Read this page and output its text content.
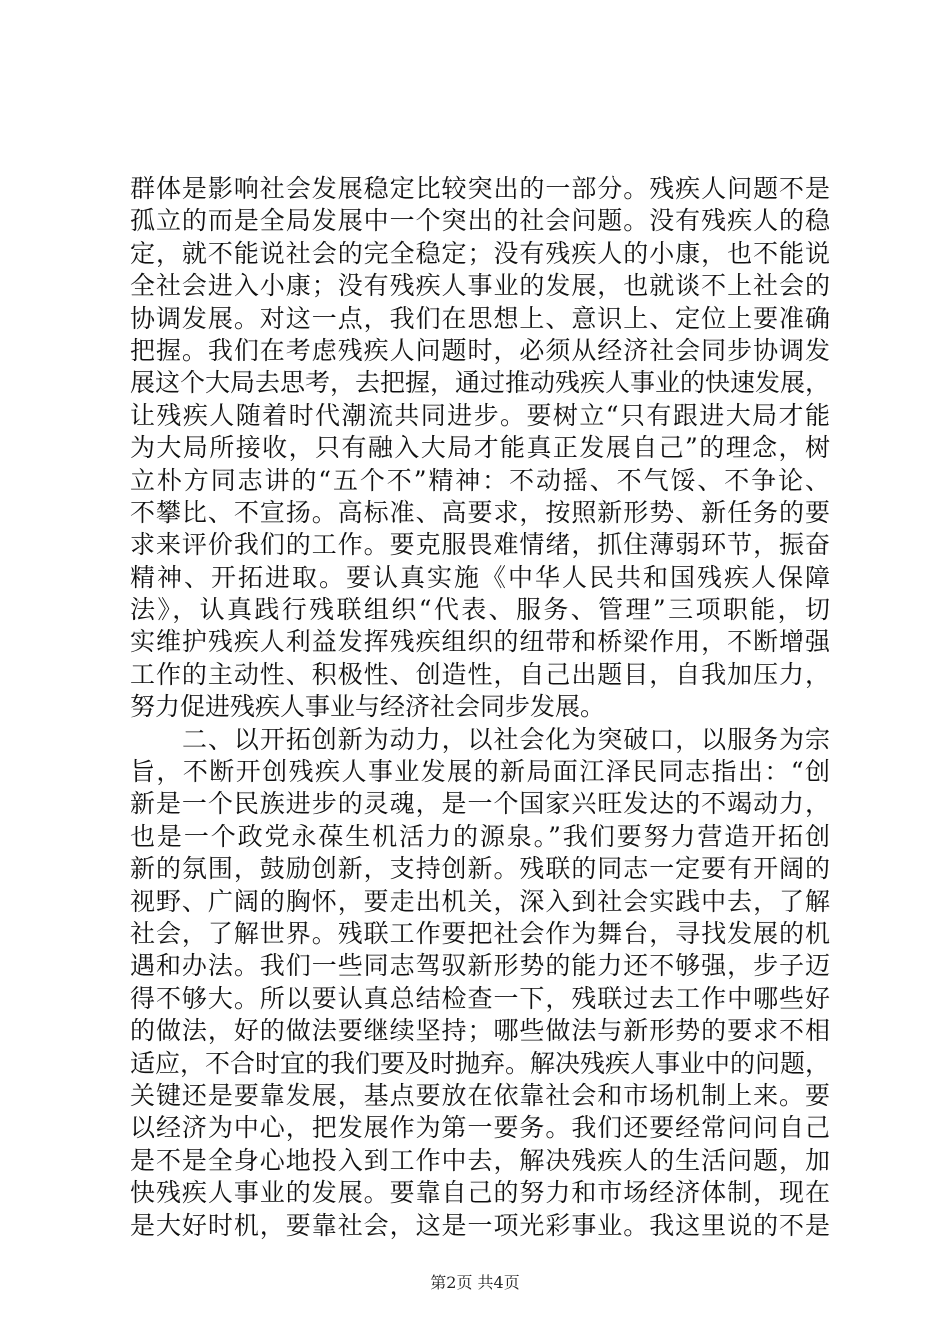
群体是影响社会发展稳定比较突出的一部分。残疾人问题不是
孤立的而是全局发展中一个突出的社会问题。没有残疾人的稳
定，就不能说社会的完全稳定；没有残疾人的小康，也不能说
全社会进入小康；没有残疾人事业的发展，也就谈不上社会的
协调发展。对这一点，我们在思想上、意识上、定位上要准确
把握。我们在考虑残疾人问题时，必须从经济社会同步协调发
展这个大局去思考，去把握，通过推动残疾人事业的快速发展，
让残疾人随着时代潮流共同进步。要树立“只有跟进大局才能
为大局所接收，只有融入大局才能真正发展自己”的理念，树
立朴方同志讲的“五个不”精神：不动摇、不气馁、不争论、
不攀比、不宣扬。高标准、高要求，按照新形势、新任务的要
求来评价我们的工作。要克服畏难情绪，抓住薄弱环节，振奋
精神、开拓进取。要认真实施《中华人民共和国残疾人保障
法》，认真践行残联组织“代表、服务、管理”三项职能，切
实维护残疾人利益发挥残疾组织的纽带和桥梁作用，不断增强
工作的主动性、积极性、创造性，自己出题目，自我加压力，
努力促进残疾人事业与经济社会同步发展。
二、以开拓创新为动力，以社会化为突破口，以服务为宗
旨，不断开创残疾人事业发展的新局面江泽民同志指出：“创
新是一个民族进步的灵魂，是一个国家兴旺发达的不竭动力，
也是一个政党永葆生机活力的源泉。”我们要努力营造开拓创
新的氛围，鼓励创新，支持创新。残联的同志一定要有开阔的
视野、广阔的胸怀，要走出机关，深入到社会实践中去，了解
社会，了解世界。残联工作要把社会作为舞台，寻找发展的机
遇和办法。我们一些同志驾驭新形势的能力还不够强，步子迈
得不够大。所以要认真总结检查一下，残联过去工作中哪些好
的做法，好的做法要继续坚持；哪些做法与新形势的要求不相
适应，不合时宜的我们要及时抛弃。解决残疾人事业中的问题，
关键还是要靠发展，基点要放在依靠社会和市场机制上来。要
以经济为中心，把发展作为第一要务。我们还要经常问问自己
是不是全身心地投入到工作中去，解决残疾人的生活问题，加
快残疾人事业的发展。要靠自己的努力和市场经济体制，现在
是大好时机，要靠社会，这是一项光彩事业。我这里说的不是
第2页 共4页
